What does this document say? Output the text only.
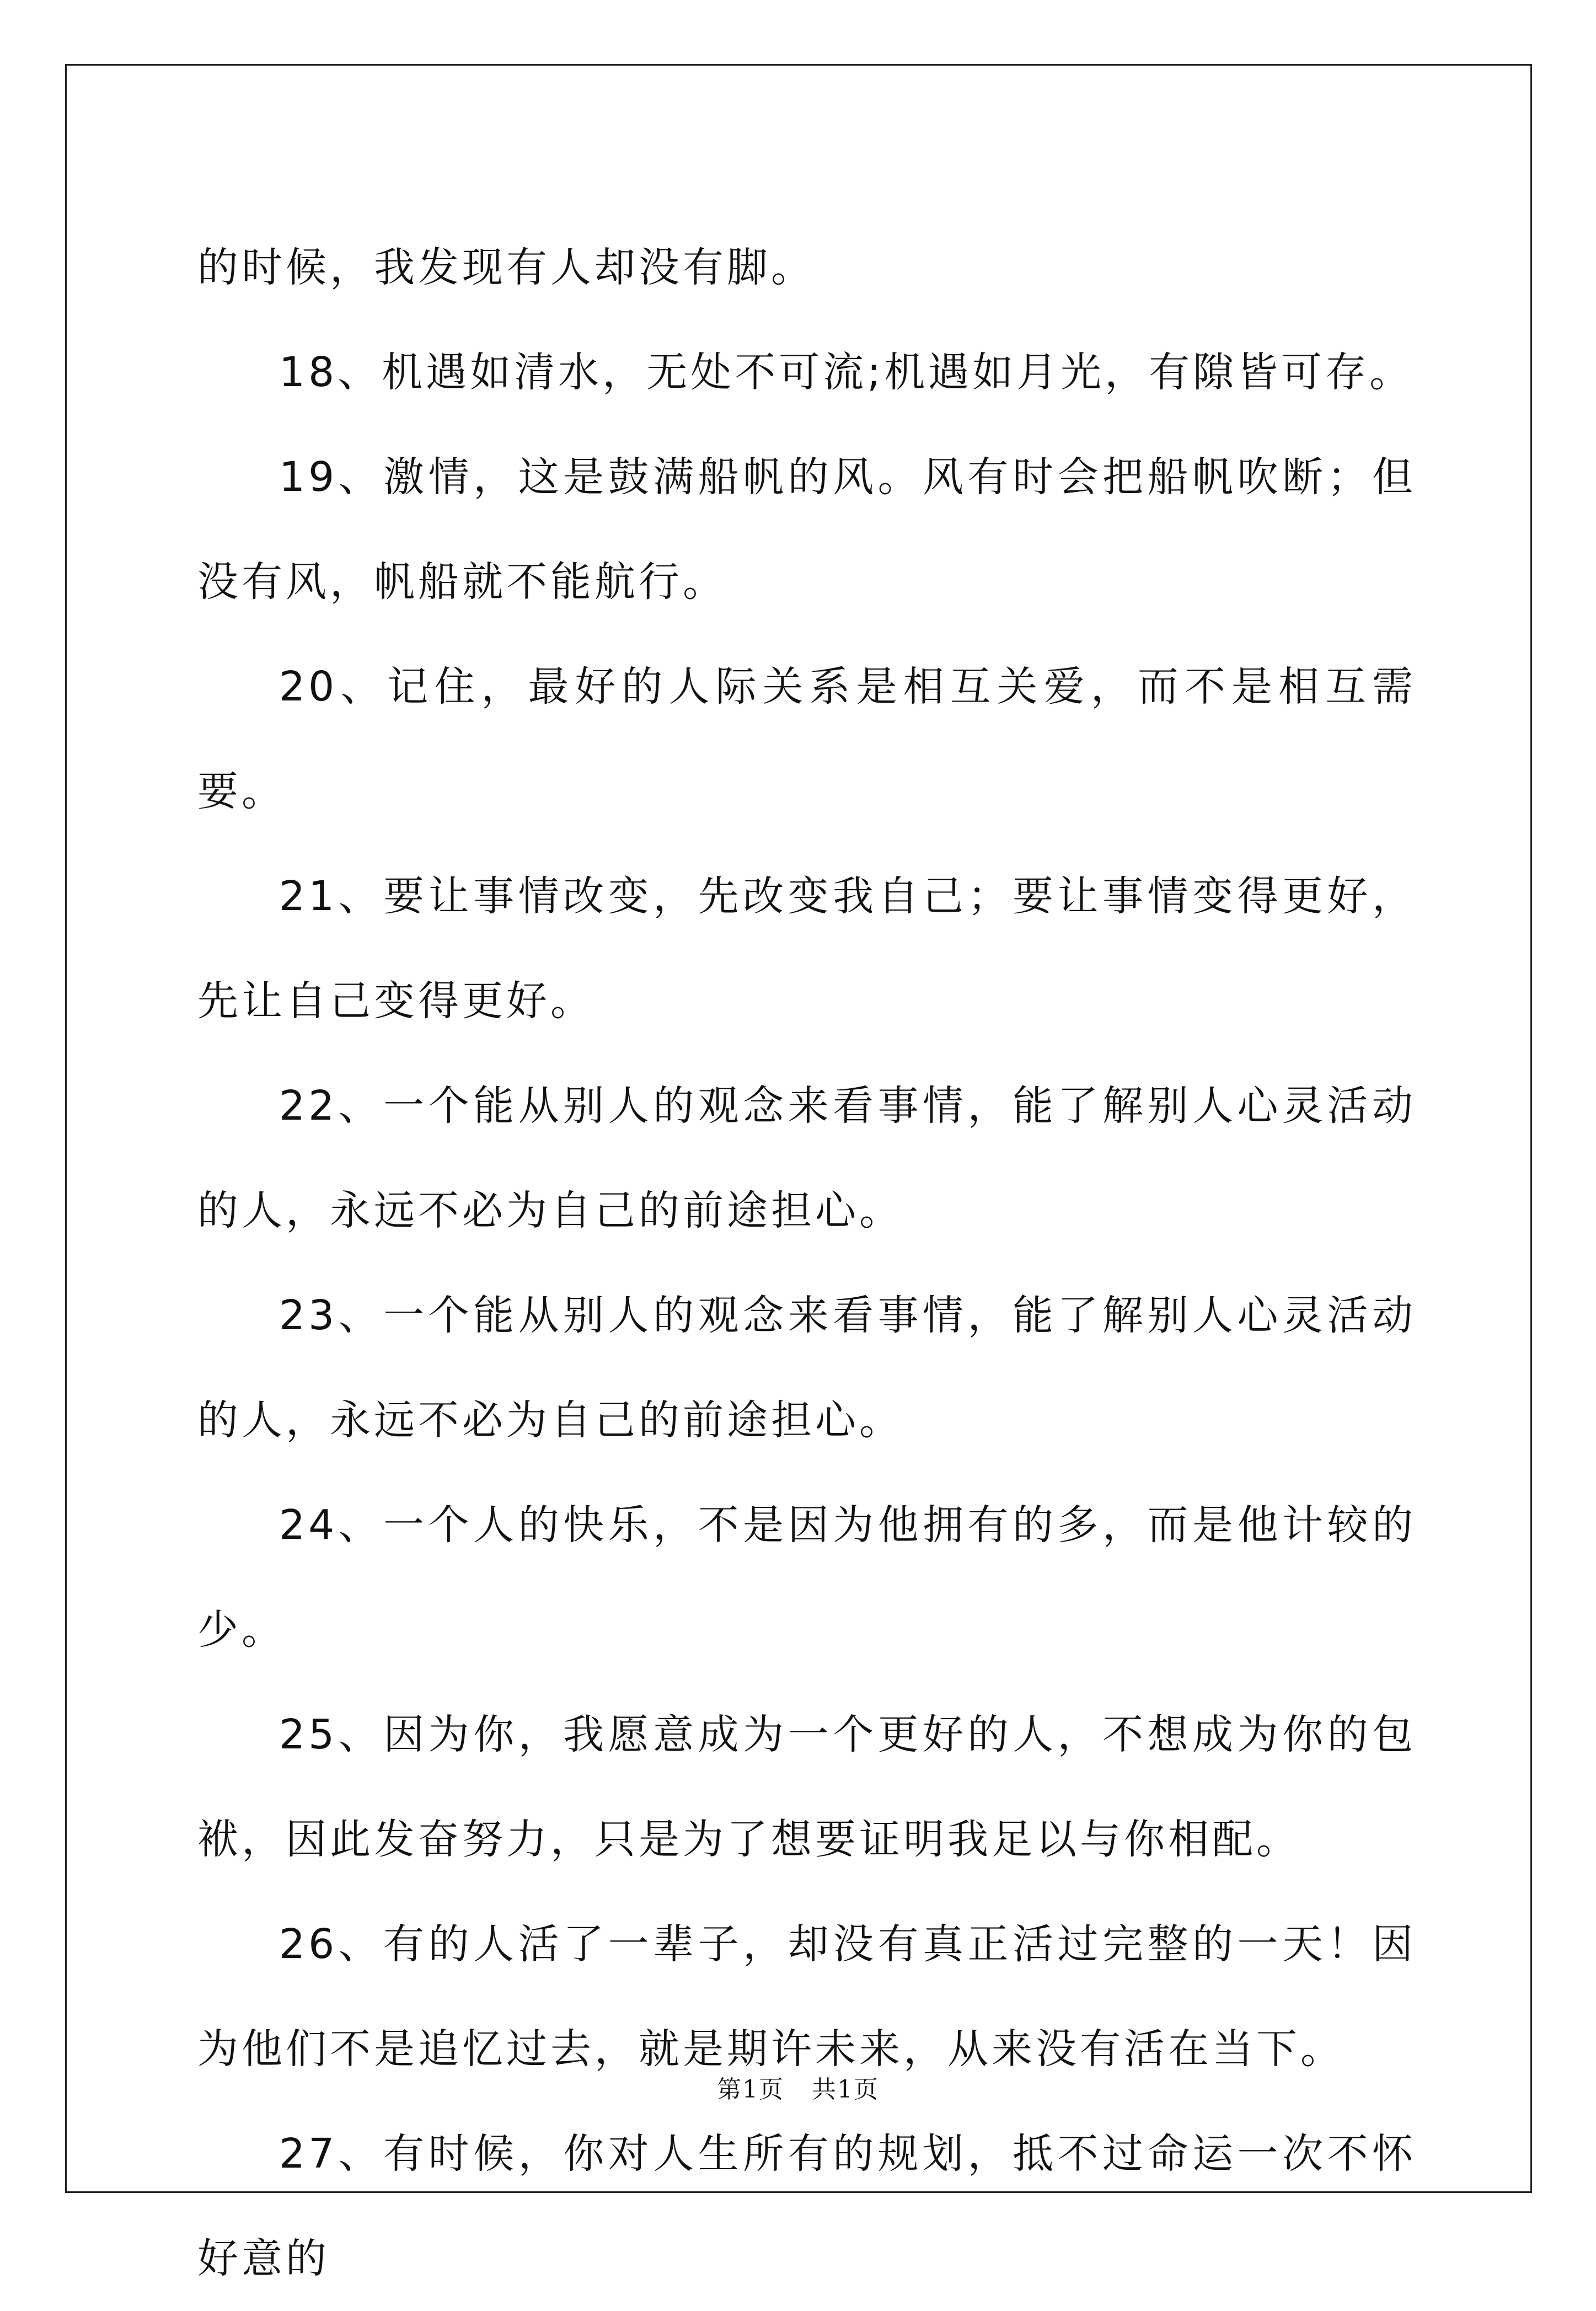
的时候，我发现有人却没有脚。

18、机遇如清水，无处不可流;机遇如月光，有隙皆可存。

19、激情，这是鼓满船帆的风。风有时会把船帆吹断；但没有风，帆船就不能航行。

20、记住，最好的人际关系是相互关爱，而不是相互需要。

21、要让事情改变，先改变我自己；要让事情变得更好，先让自己变得更好。

22、一个能从别人的观念来看事情，能了解别人心灵活动的人，永远不必为自己的前途担心。

23、一个能从别人的观念来看事情，能了解别人心灵活动的人，永远不必为自己的前途担心。

24、一个人的快乐，不是因为他拥有的多，而是他计较的少。

25、因为你，我愿意成为一个更好的人，不想成为你的包袱，因此发奋努力，只是为了想要证明我足以与你相配。

26、有的人活了一辈子，却没有真正活过完整的一天！因为他们不是追忆过去，就是期许未来，从来没有活在当下。

27、有时候，你对人生所有的规划，抵不过命运一次不怀好意的

第1页 共1页
